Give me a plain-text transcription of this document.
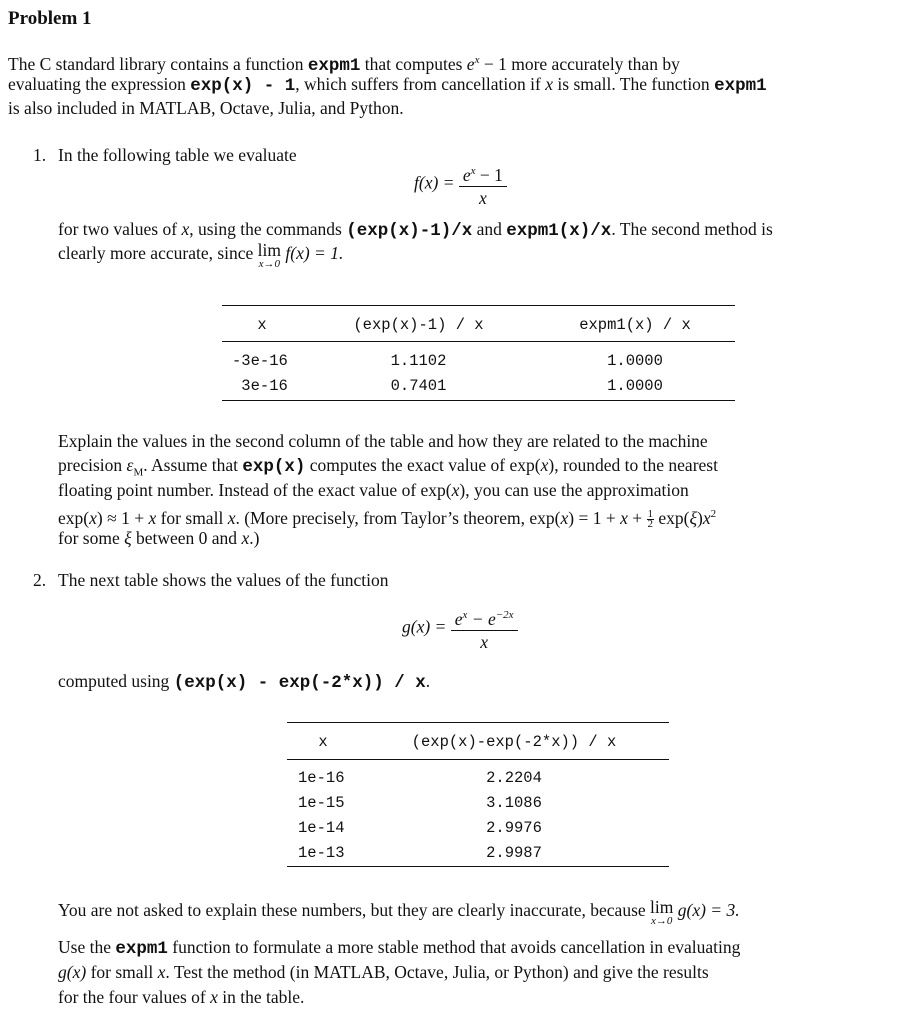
Problem 1

The C standard library contains a function expm1 that computes $e^x - 1$ more accurately than by

evaluating the expression exp(x) - 1, which suffers from cancellation if x is small. The function expm1

is also included in MATLAB, Octave, Julia, and Python.

1. In the following table we evaluate

$f(x) = \frac{e^x - 1}{x}$

for two values of x, using the commands (exp(x)-1)/x and expm1(x)/x. The second method is

clearly more accurate, since lim
x→0
f(x) = 1.

x	(exp(x)-1) / x	expm1(x) / x

-3e-16	1.1102	1.0000
3e-16	0.7401	1.0000

Explain the values in the second column of the table and how they are related to the machine

precision $\varepsilon_M$. Assume that exp(x) computes the exact value of exp(x), rounded to the nearest

floating point number. Instead of the exact value of exp(x), you can use the approximation

exp(x) ≈ 1 + x for small x. (More precisely, from Taylor’s theorem, $\exp(x) = 1 + x + \frac{1}{2} \exp(\xi)x^2$

for some ξ between 0 and x.)

2. The next table shows the values of the function

$g(x) = \frac{e^x - e^{-2x}}{x}$

computed using (exp(x) - exp(-2*x)) / x.

x	(exp(x)-exp(-2*x)) / x

1e-16	2.2204
1e-15	3.1086
1e-14	2.9976
1e-13	2.9987

You are not asked to explain these numbers, but they are clearly inaccurate, because lim
x→0
g(x) = 3.

Use the expm1 function to formulate a more stable method that avoids cancellation in evaluating

g(x) for small x. Test the method (in MATLAB, Octave, Julia, or Python) and give the results

for the four values of x in the table.
